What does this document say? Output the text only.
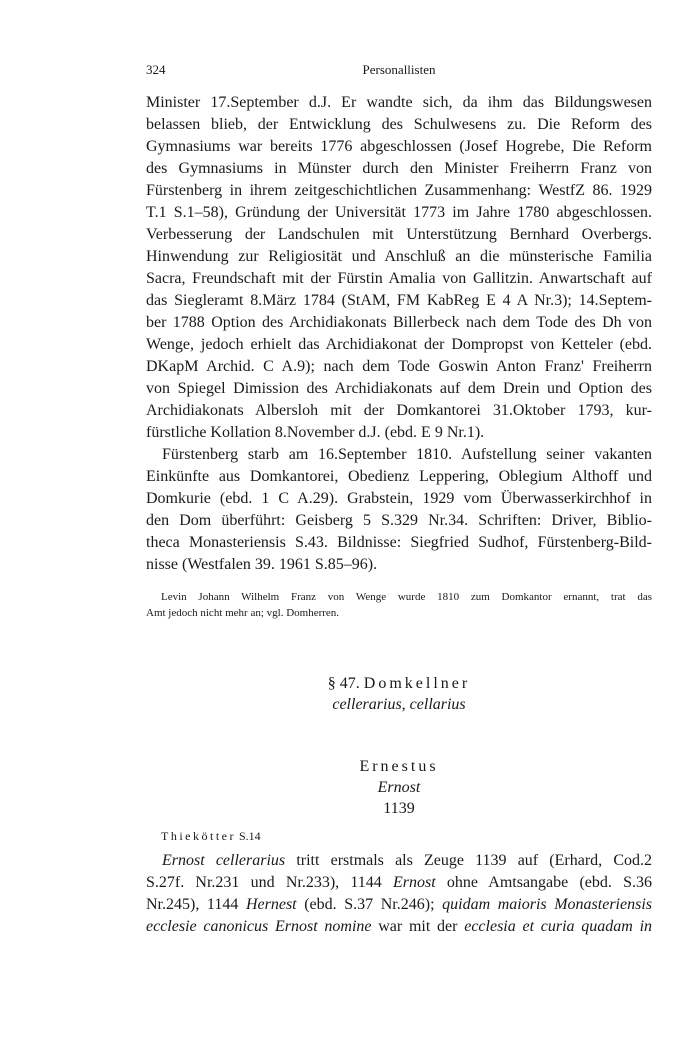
324	Personallisten
Minister 17.September d.J. Er wandte sich, da ihm das Bildungswesen
belassen blieb, der Entwicklung des Schulwesens zu. Die Reform des
Gymnasiums war bereits 1776 abgeschlossen (Josef Hogrebe, Die Reform
des Gymnasiums in Münster durch den Minister Freiherrn Franz von
Fürstenberg in ihrem zeitgeschichtlichen Zusammenhang: WestfZ 86. 1929
T.1 S.1–58), Gründung der Universität 1773 im Jahre 1780 abgeschlossen.
Verbesserung der Landschulen mit Unterstützung Bernhard Overbergs.
Hinwendung zur Religiosität und Anschluß an die münsterische Familia
Sacra, Freundschaft mit der Fürstin Amalia von Gallitzin. Anwartschaft auf
das Siegleramt 8.März 1784 (StAM, FM KabReg E 4 A Nr.3); 14.Septem-
ber 1788 Option des Archidiakonats Billerbeck nach dem Tode des Dh von
Wenge, jedoch erhielt das Archidiakonat der Dompropst von Ketteler (ebd.
DKapM Archid. C A.9); nach dem Tode Goswin Anton Franz' Freiherrn
von Spiegel Dimission des Archidiakonats auf dem Drein und Option des
Archidiakonats Albersloh mit der Domkantorei 31.Oktober 1793, kur-
fürstliche Kollation 8.November d.J. (ebd. E 9 Nr.1).
Fürstenberg starb am 16.September 1810. Aufstellung seiner vakanten
Einkünfte aus Domkantorei, Obedienz Leppering, Oblegium Althoff und
Domkurie (ebd. 1 C A.29). Grabstein, 1929 vom Überwasserkirchhof in
den Dom überführt: Geisberg 5 S.329 Nr.34. Schriften: Driver, Biblio-
theca Monasteriensis S.43. Bildnisse: Siegfried Sudhof, Fürstenberg-Bild-
nisse (Westfalen 39. 1961 S.85–96).
Levin Johann Wilhelm Franz von Wenge wurde 1810 zum Domkantor ernannt, trat das
Amt jedoch nicht mehr an; vgl. Domherren.
§ 47. Domkellner
cellerarius, cellarius
Ernestus
Ernost
1139
Thiekötter S.14
Ernost cellerarius tritt erstmals als Zeuge 1139 auf (Erhard, Cod.2
S.27f. Nr.231 und Nr.233), 1144 Ernost ohne Amtsangabe (ebd. S.36
Nr.245), 1144 Hernest (ebd. S.37 Nr.246); quidam maioris Monasteriensis
ecclesie canonicus Ernost nomine war mit der ecclesia et curia quadam in
